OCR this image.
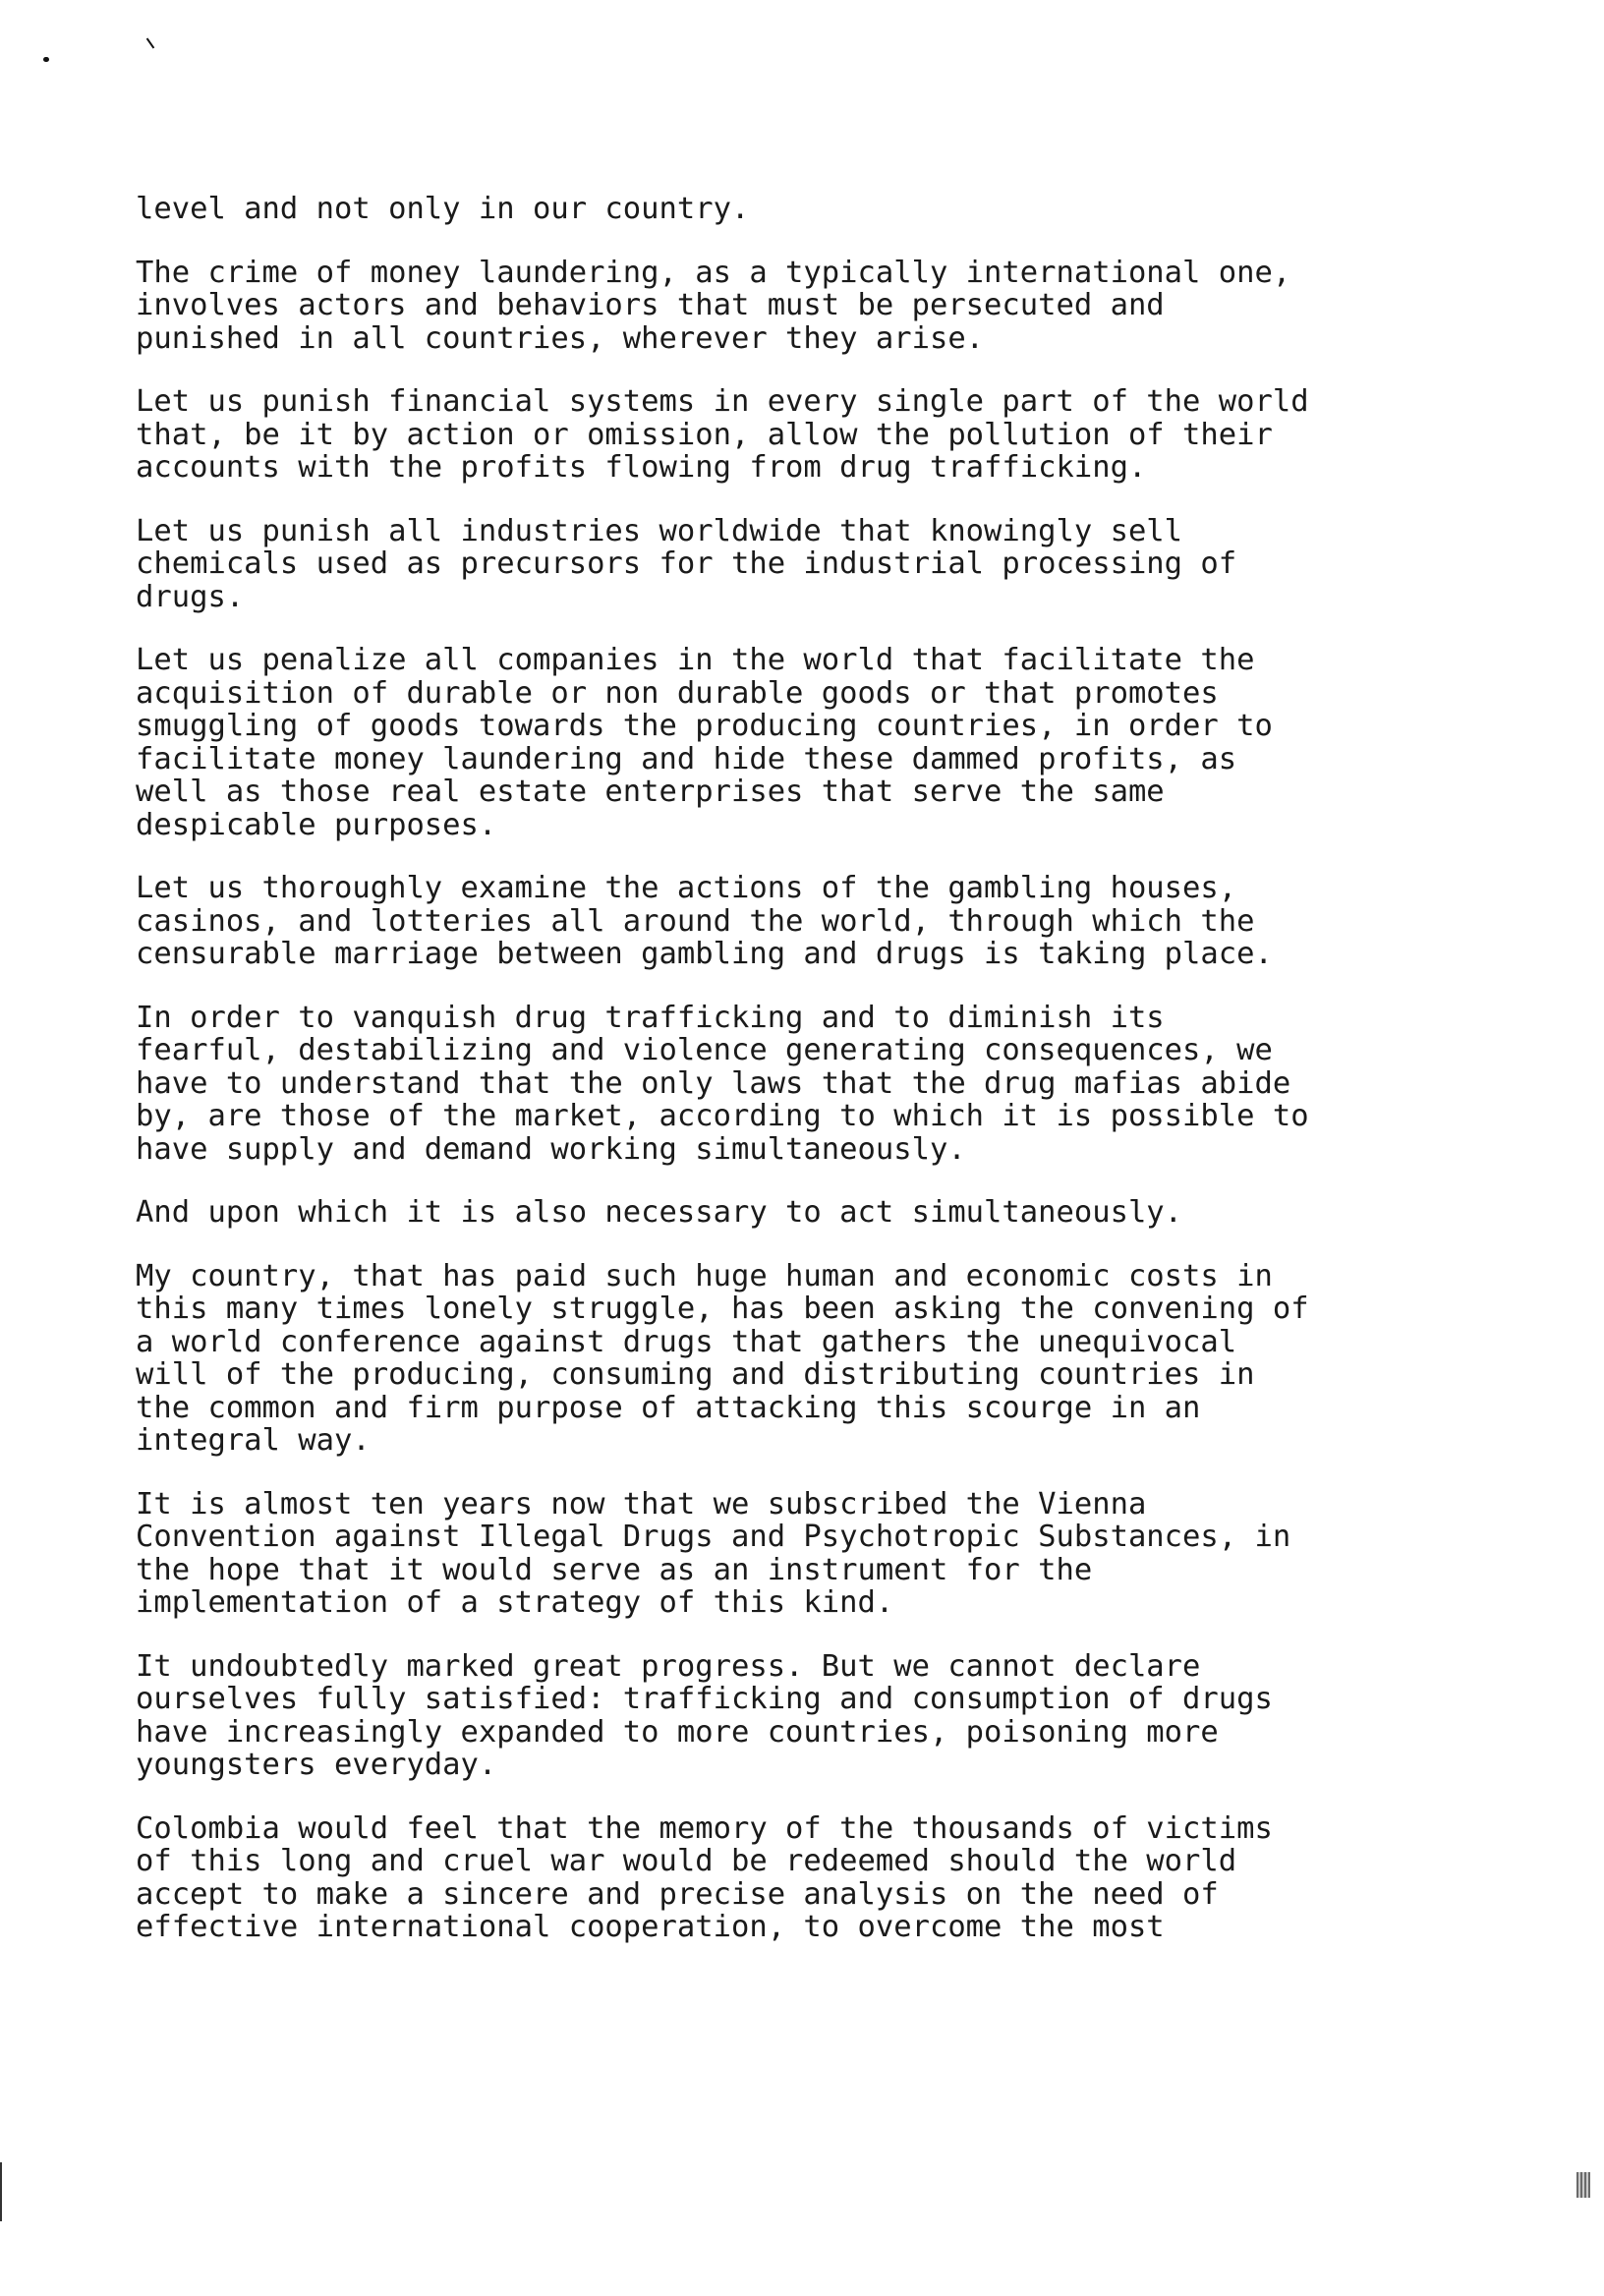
level and not only in our country.

The crime of money laundering, as a typically international one,
involves actors and behaviors that must be persecuted and
punished in all countries, wherever they arise.

Let us punish financial systems in every single part of the world
that, be it by action or omission, allow the pollution of their
accounts with the profits flowing from drug trafficking.

Let us punish all industries worldwide that knowingly sell
chemicals used as precursors for the industrial processing of
drugs.

Let us penalize all companies in the world that facilitate the
acquisition of durable or non durable goods or that promotes
smuggling of goods towards the producing countries, in order to
facilitate money laundering and hide these dammed profits, as
well as those real estate enterprises that serve the same
despicable purposes.

Let us thoroughly examine the actions of the gambling houses,
casinos, and lotteries all around the world, through which the
censurable marriage between gambling and drugs is taking place.

In order to vanquish drug trafficking and to diminish its
fearful, destabilizing and violence generating consequences, we
have to understand that the only laws that the drug mafias abide
by, are those of the market, according to which it is possible to
have supply and demand working simultaneously.

And upon which it is also necessary to act simultaneously.

My country, that has paid such huge human and economic costs in
this many times lonely struggle, has been asking the convening of
a world conference against drugs that gathers the unequivocal
will of the producing, consuming and distributing countries in
the common and firm purpose of attacking this scourge in an
integral way.

It is almost ten years now that we subscribed the Vienna
Convention against Illegal Drugs and Psychotropic Substances, in
the hope that it would serve as an instrument for the
implementation of a strategy of this kind.

It undoubtedly marked great progress. But we cannot declare
ourselves fully satisfied: trafficking and consumption of drugs
have increasingly expanded to more countries, poisoning more
youngsters everyday.

Colombia would feel that the memory of the thousands of victims
of this long and cruel war would be redeemed should the world
accept to make a sincere and precise analysis on the need of
effective international cooperation, to overcome the most
